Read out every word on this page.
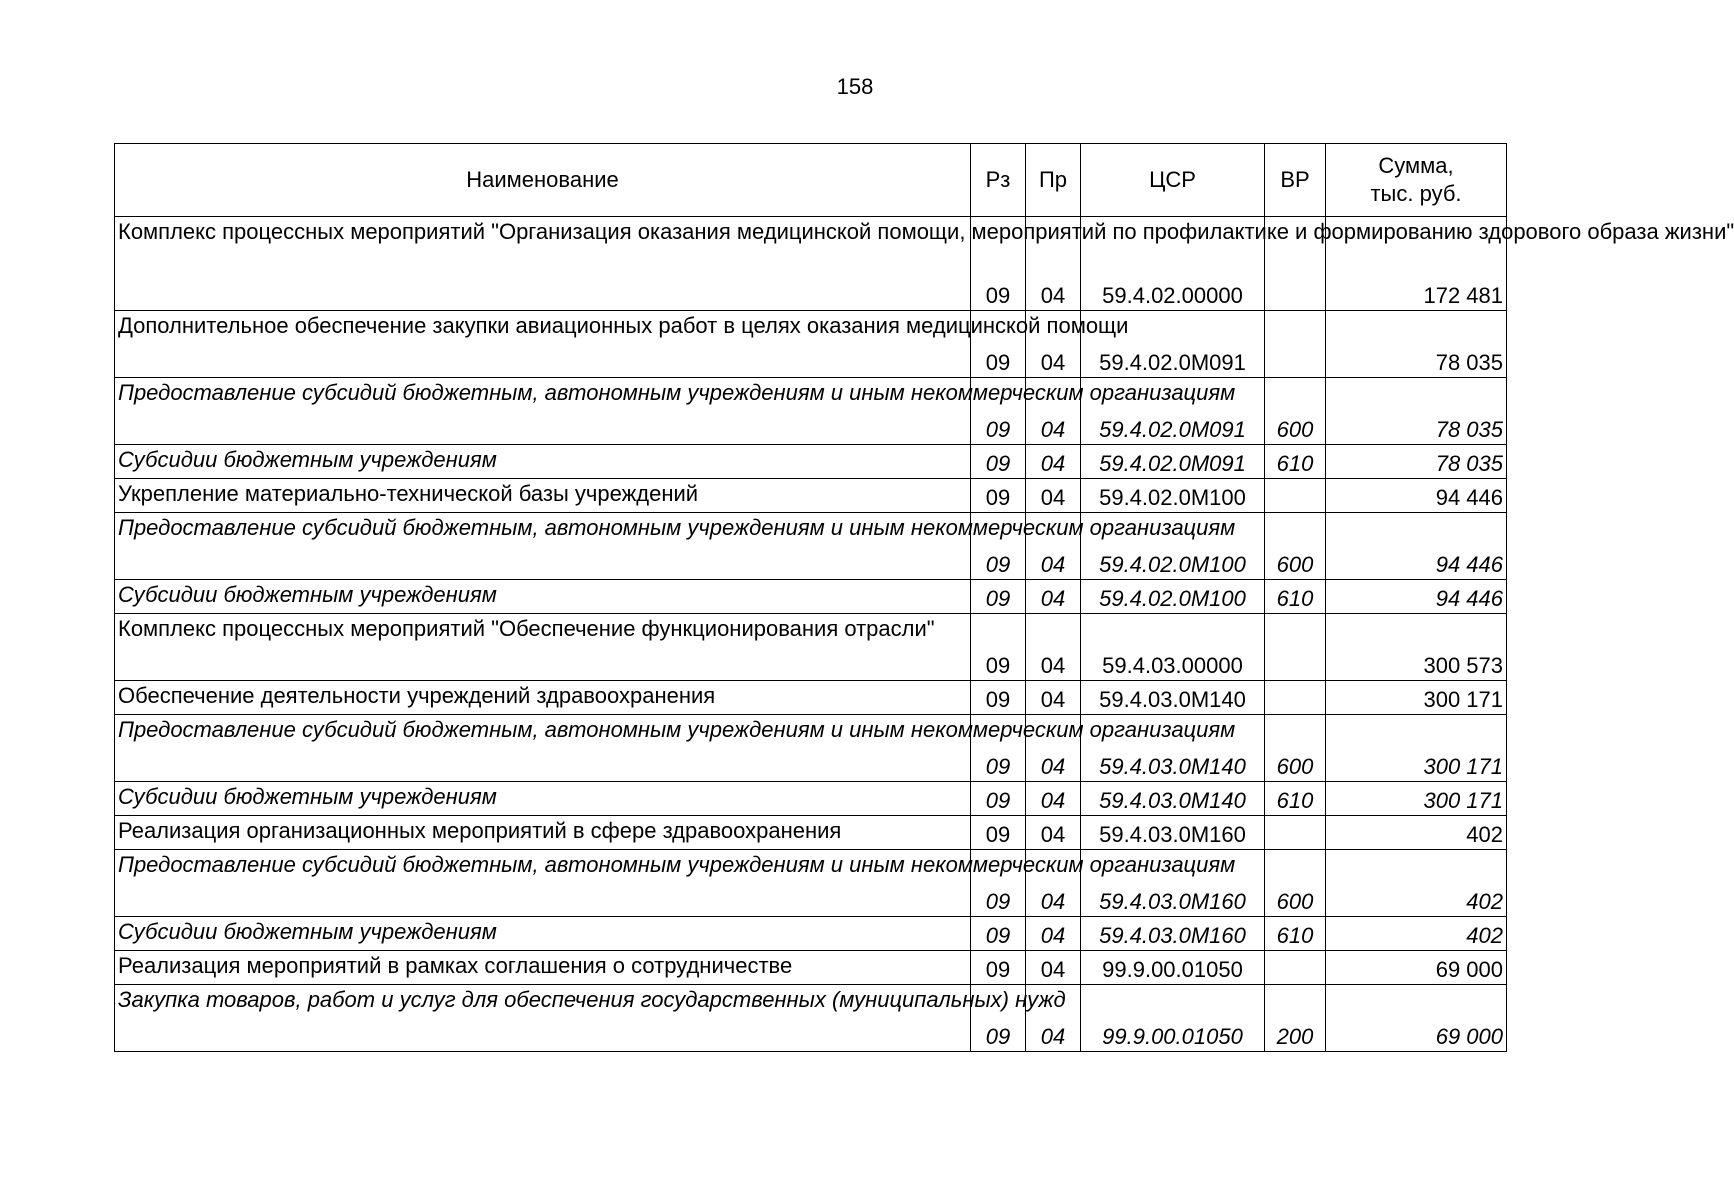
158
Наименование	Рз	Пр	ЦСР	ВР	Сумма,
тыс. руб.
Комплекс процессных мероприятий "Организация оказания медицинской помощи, мероприятий по профилактике и формированию здорового образа жизни"	09	04	59.4.02.00000		172 481
Дополнительное обеспечение закупки авиационных работ в целях оказания медицинской помощи	09	04	59.4.02.0М091		78 035
Предоставление субсидий бюджетным, автономным учреждениям и иным некоммерческим организациям	09	04	59.4.02.0М091	600	78 035
Субсидии бюджетным учреждениям	09	04	59.4.02.0М091	610	78 035
Укрепление материально-технической базы учреждений	09	04	59.4.02.0М100		94 446
Предоставление субсидий бюджетным, автономным учреждениям и иным некоммерческим организациям	09	04	59.4.02.0М100	600	94 446
Субсидии бюджетным учреждениям	09	04	59.4.02.0М100	610	94 446
Комплекс процессных мероприятий "Обеспечение функционирования отрасли"	09	04	59.4.03.00000		300 573
Обеспечение деятельности учреждений здравоохранения	09	04	59.4.03.0М140		300 171
Предоставление субсидий бюджетным, автономным учреждениям и иным некоммерческим организациям	09	04	59.4.03.0М140	600	300 171
Субсидии бюджетным учреждениям	09	04	59.4.03.0М140	610	300 171
Реализация организационных мероприятий в сфере здравоохранения	09	04	59.4.03.0М160		402
Предоставление субсидий бюджетным, автономным учреждениям и иным некоммерческим организациям	09	04	59.4.03.0М160	600	402
Субсидии бюджетным учреждениям	09	04	59.4.03.0М160	610	402
Реализация мероприятий в рамках соглашения о сотрудничестве	09	04	99.9.00.01050		69 000
Закупка товаров, работ и услуг для обеспечения государственных (муниципальных) нужд	09	04	99.9.00.01050	200	69 000
